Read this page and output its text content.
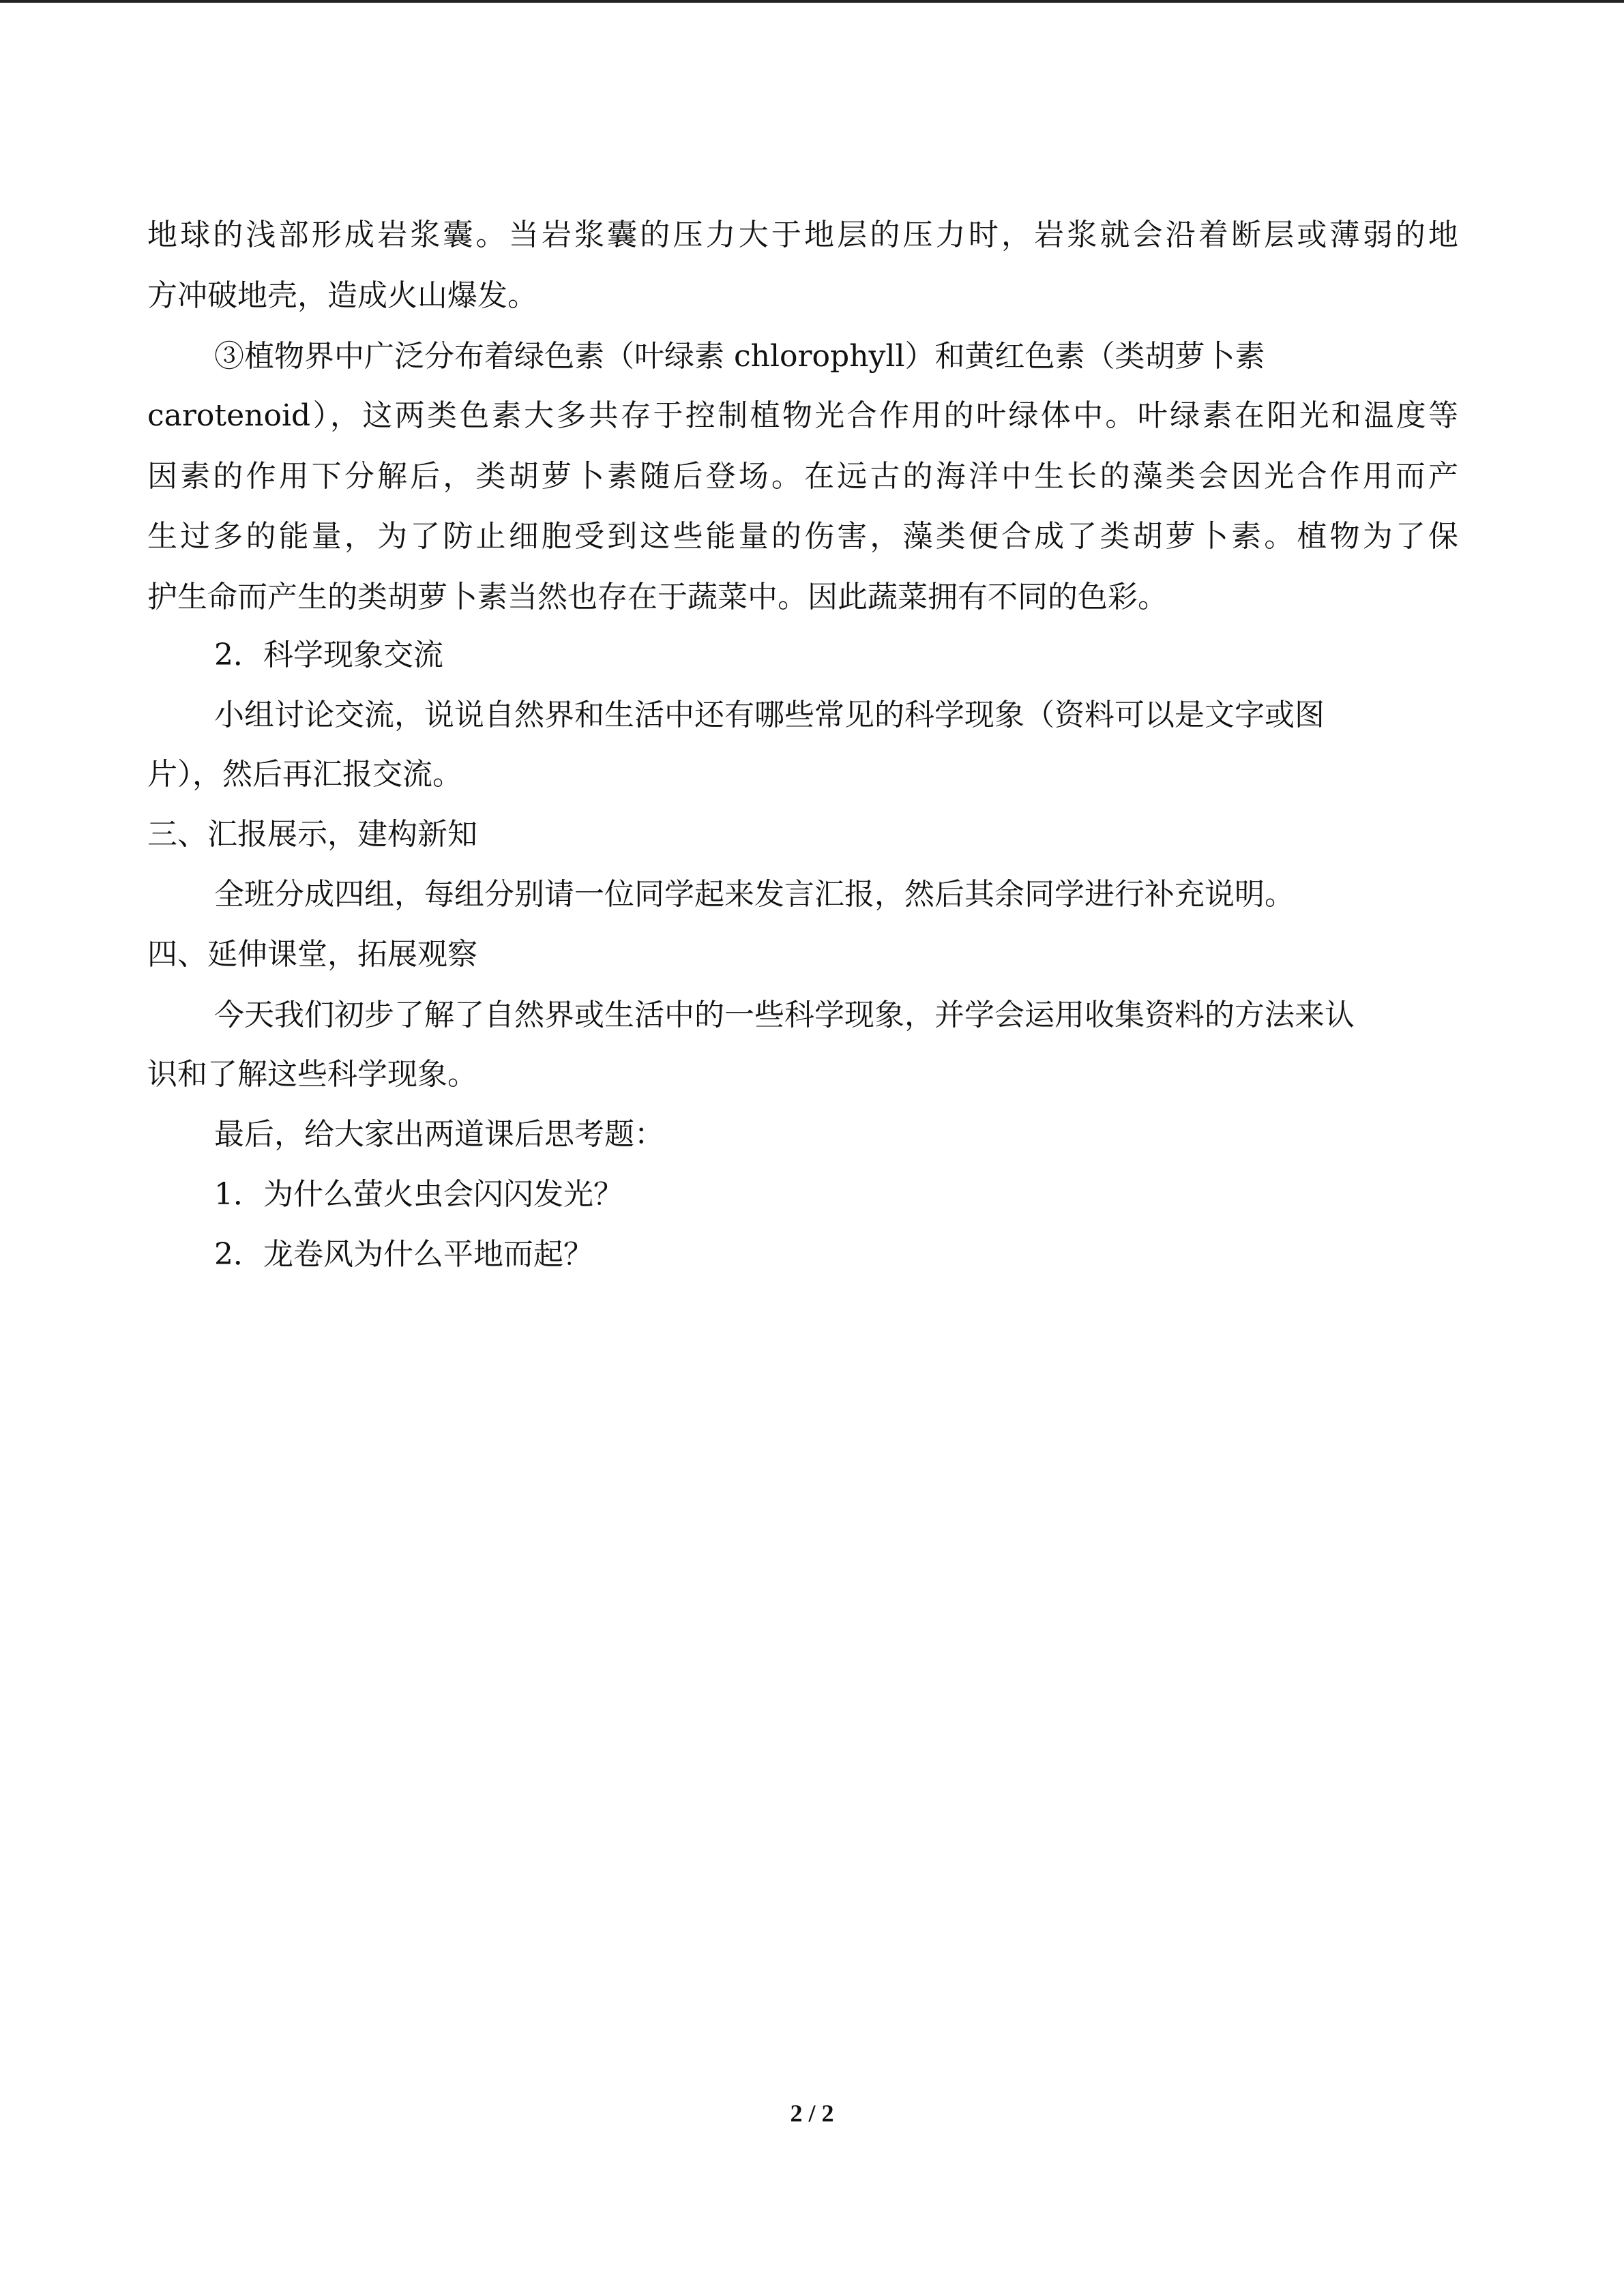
地球的浅部形成岩浆囊。当岩浆囊的压力大于地层的压力时，岩浆就会沿着断层或薄弱的地

方冲破地壳，造成火山爆发。

③植物界中广泛分布着绿色素（叶绿素 chlorophyll）和黄红色素（类胡萝卜素

carotenoid），这两类色素大多共存于控制植物光合作用的叶绿体中。叶绿素在阳光和温度等

因素的作用下分解后，类胡萝卜素随后登场。在远古的海洋中生长的藻类会因光合作用而产

生过多的能量，为了防止细胞受到这些能量的伤害，藻类便合成了类胡萝卜素。植物为了保

护生命而产生的类胡萝卜素当然也存在于蔬菜中。因此蔬菜拥有不同的色彩。

2．科学现象交流

小组讨论交流，说说自然界和生活中还有哪些常见的科学现象（资料可以是文字或图

片），然后再汇报交流。

三、汇报展示，建构新知

全班分成四组，每组分别请一位同学起来发言汇报，然后其余同学进行补充说明。

四、延伸课堂，拓展观察

今天我们初步了解了自然界或生活中的一些科学现象，并学会运用收集资料的方法来认

识和了解这些科学现象。

最后，给大家出两道课后思考题：

1．为什么萤火虫会闪闪发光？

2．龙卷风为什么平地而起？

2 / 2
